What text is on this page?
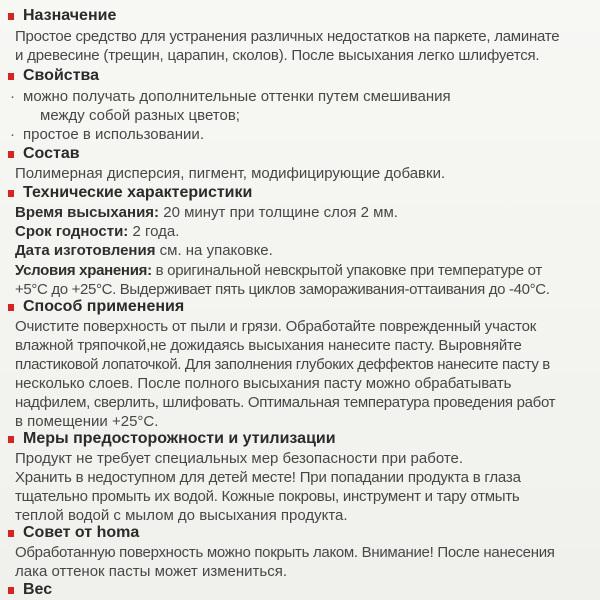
Назначение
Простое средство для устранения различных недостатков на паркете, ламинате
и древесине (трещин, царапин, сколов). После высыхания легко шлифуется.
Свойства
· можно получать дополнительные оттенки путем смешивания
между собой разных цветов;
· простое в использовании.
Состав
Полимерная дисперсия, пигмент, модифицирующие добавки.
Технические характеристики
Время высыхания: 20 минут при толщине слоя 2 мм.
Срок годности: 2 года.
Дата изготовления см. на упаковке.
Условия хранения: в оригинальной невскрытой упаковке при температуре от
+5°С до +25°С. Выдерживает пять циклов замораживания-оттаивания до -40°С.
Способ применения
Очистите поверхность от пыли и грязи. Обработайте поврежденный участок
влажной тряпочкой,не дожидаясь высыхания нанесите пасту. Выровняйте
пластиковой лопаточкой. Для заполнения глубоких деффектов нанесите пасту в
несколько слоев. После полного высыхания пасту можно обрабатывать
надфилем, сверлить, шлифовать. Оптимальная температура проведения работ
в помещении +25°С.
Меры предосторожности и утилизации
Продукт не требует специальных мер безопасности при работе.
Хранить в недоступном для детей месте! При попадании продукта в глаза
тщательно промыть их водой. Кожные покровы, инструмент и тару отмыть
теплой водой с мылом до высыхания продукта.
Совет от homa
Обработанную поверхность можно покрыть лаком. Внимание! После нанесения
лака оттенок пасты может измениться.
Вес
